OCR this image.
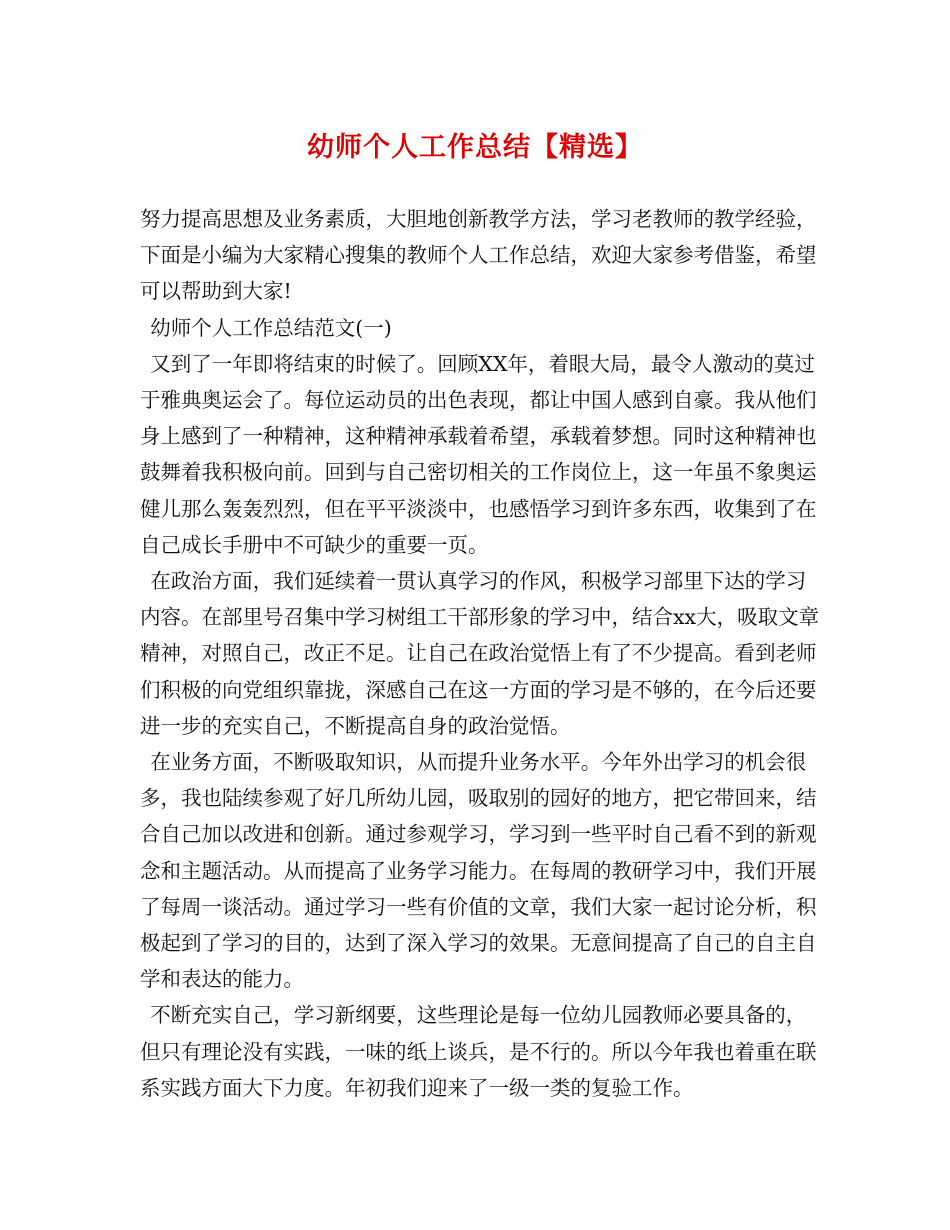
幼师个人工作总结【精选】

努力提高思想及业务素质，大胆地创新教学方法，学习老教师的教学经验，下面是小编为大家精心搜集的教师个人工作总结，欢迎大家参考借鉴，希望可以帮助到大家!

幼师个人工作总结范文(一)

又到了一年即将结束的时候了。回顾XX年，着眼大局，最令人激动的莫过于雅典奥运会了。每位运动员的出色表现，都让中国人感到自豪。我从他们身上感到了一种精神，这种精神承载着希望，承载着梦想。同时这种精神也鼓舞着我积极向前。回到与自己密切相关的工作岗位上，这一年虽不象奥运健儿那么轰轰烈烈，但在平平淡淡中，也感悟学习到许多东西，收集到了在自己成长手册中不可缺少的重要一页。

在政治方面，我们延续着一贯认真学习的作风，积极学习部里下达的学习内容。在部里号召集中学习树组工干部形象的学习中，结合xx大，吸取文章精神，对照自己，改正不足。让自己在政治觉悟上有了不少提高。看到老师们积极的向党组织靠拢，深感自己在这一方面的学习是不够的，在今后还要进一步的充实自己，不断提高自身的政治觉悟。

在业务方面，不断吸取知识，从而提升业务水平。今年外出学习的机会很多，我也陆续参观了好几所幼儿园，吸取别的园好的地方，把它带回来，结合自己加以改进和创新。通过参观学习，学习到一些平时自己看不到的新观念和主题活动。从而提高了业务学习能力。在每周的教研学习中，我们开展了每周一谈活动。通过学习一些有价值的文章，我们大家一起讨论分析，积极起到了学习的目的，达到了深入学习的效果。无意间提高了自己的自主自学和表达的能力。

不断充实自己，学习新纲要，这些理论是每一位幼儿园教师必要具备的，但只有理论没有实践，一味的纸上谈兵，是不行的。所以今年我也着重在联系实践方面大下力度。年初我们迎来了一级一类的复验工作。
